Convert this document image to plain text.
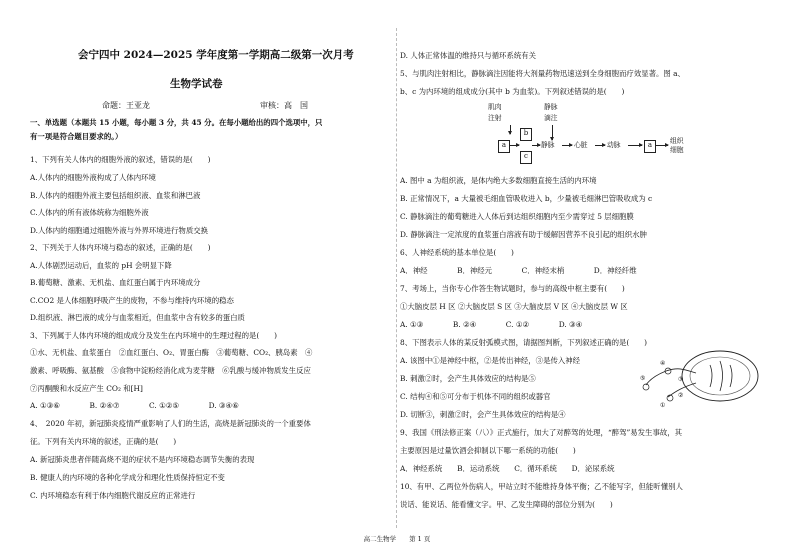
会宁四中 2024—2025 学年度第一学期高二级第一次月考
生物学试卷
命题：王亚龙	审核：高　国
一、单选题（本题共 15 小题，每小题 3 分，共 45 分。在每小题给出的四个选项中，只
有一项是符合题目要求的。）
1、下列有关人体内的细胞外液的叙述，错误的是(　　)
A.人体内的细胞外液构成了人体内环境
B.人体内的细胞外液主要包括组织液、血浆和淋巴液
C.人体内的所有液体统称为细胞外液
D.人体内的细胞通过细胞外液与外界环境进行物质交换
2、下列关于人体内环境与稳态的叙述，正确的是(　　)
A.人体剧烈运动后，血浆的 pH 会明显下降
B.葡萄糖、激素、无机盐、血红蛋白属于内环境成分
C.CO2 是人体细胞呼吸产生的废物，不参与维持内环境的稳态
D.组织液、淋巴液的成分与血浆相近，但血浆中含有较多的蛋白质
3、下列属于人体内环境的组成成分及发生在内环境中的生理过程的是(　　)
①水、无机盐、血浆蛋白　②血红蛋白、O₂、胃蛋白酶　③葡萄糖、CO₂、胰岛素　④
激素、呼吸酶、氨基酸　⑤食物中淀粉经消化成为麦芽糖　⑥乳酸与缓冲物质发生反应
⑦丙酮酸和水反应产生 CO₂ 和[H]
A. ①③⑥　　　　B. ②④⑦　　　　C. ①②⑤　　　　D. ③④⑥
4、　2020 年初，新冠肺炎疫情严重影响了人们的生活，高烧是新冠肺炎的一个重要体
征。下列有关内环境的叙述，正确的是(　　)
A. 新冠肺炎患者伴随高烧不退的症状不是内环境稳态调节失衡的表现
B. 健康人的内环境的各种化学成分和理化性质保持恒定不变
C. 内环境稳态有利于体内细胞代谢反应的正常进行
D. 人体正常体温的维持只与循环系统有关
5、与肌肉注射相比，静脉滴注因能将大剂量药物迅速送到全身细胞而疗效显著。图 a、
b、c 为内环境的组成成分(其中 b 为血浆)。下列叙述错误的是(　　)
肌肉
注射
静脉
滴注
a
b
c
静脉	心脏	动脉	a	组织
细胞
A. 图中 a 为组织液，是体内绝大多数细胞直接生活的内环境
B. 正常情况下，a 大量被毛细血管吸收进入 b，少量被毛细淋巴管吸收成为 c
C. 静脉滴注的葡萄糖进入人体后到达组织细胞内至少需穿过 5 层细胞膜
D. 静脉滴注一定浓度的血浆蛋白溶液有助于缓解因营养不良引起的组织水肿
6、人神经系统的基本单位是(　　)
A．神经　　　　B．神经元　　　　C．神经末梢　　　　D．神经纤维
7、考场上，当你专心作答生物试题时，参与的高级中枢主要有(　　)
①大脑皮层 H 区 ②大脑皮层 S 区 ③大脑皮层 V 区 ④大脑皮层 W 区
A. ①③　　　　B. ②④　　　　C. ①②　　　　D. ③④
8、下图表示人体的某反射弧模式图，请据图判断，下列叙述正确的是(　　)
A. 该图中①是神经中枢，②是传出神经，③是传入神经
B. 刺激②时，会产生具体效应的结构是⑤
C. 结构④和⑤可分布于机体不同的组织或器官
D. 切断③，刺激②时，会产生具体效应的结构是④
⑤
④
③
②
①
9、我国《刑法修正案（八）》正式施行，加大了对醉驾的处理，“醉驾”易发生事故，其
主要原因是过量饮酒会抑制以下哪一系统的功能(　　)
A．神经系统　　B．运动系统　　C．循环系统　　D．泌尿系统
10、有甲、乙两位外伤病人，甲站立时不能维持身体平衡；乙不能写字，但能听懂别人
说话、能说话、能看懂文字。甲、乙发生障碍的部位分别为(　　)
高二生物学　　第 1 页
